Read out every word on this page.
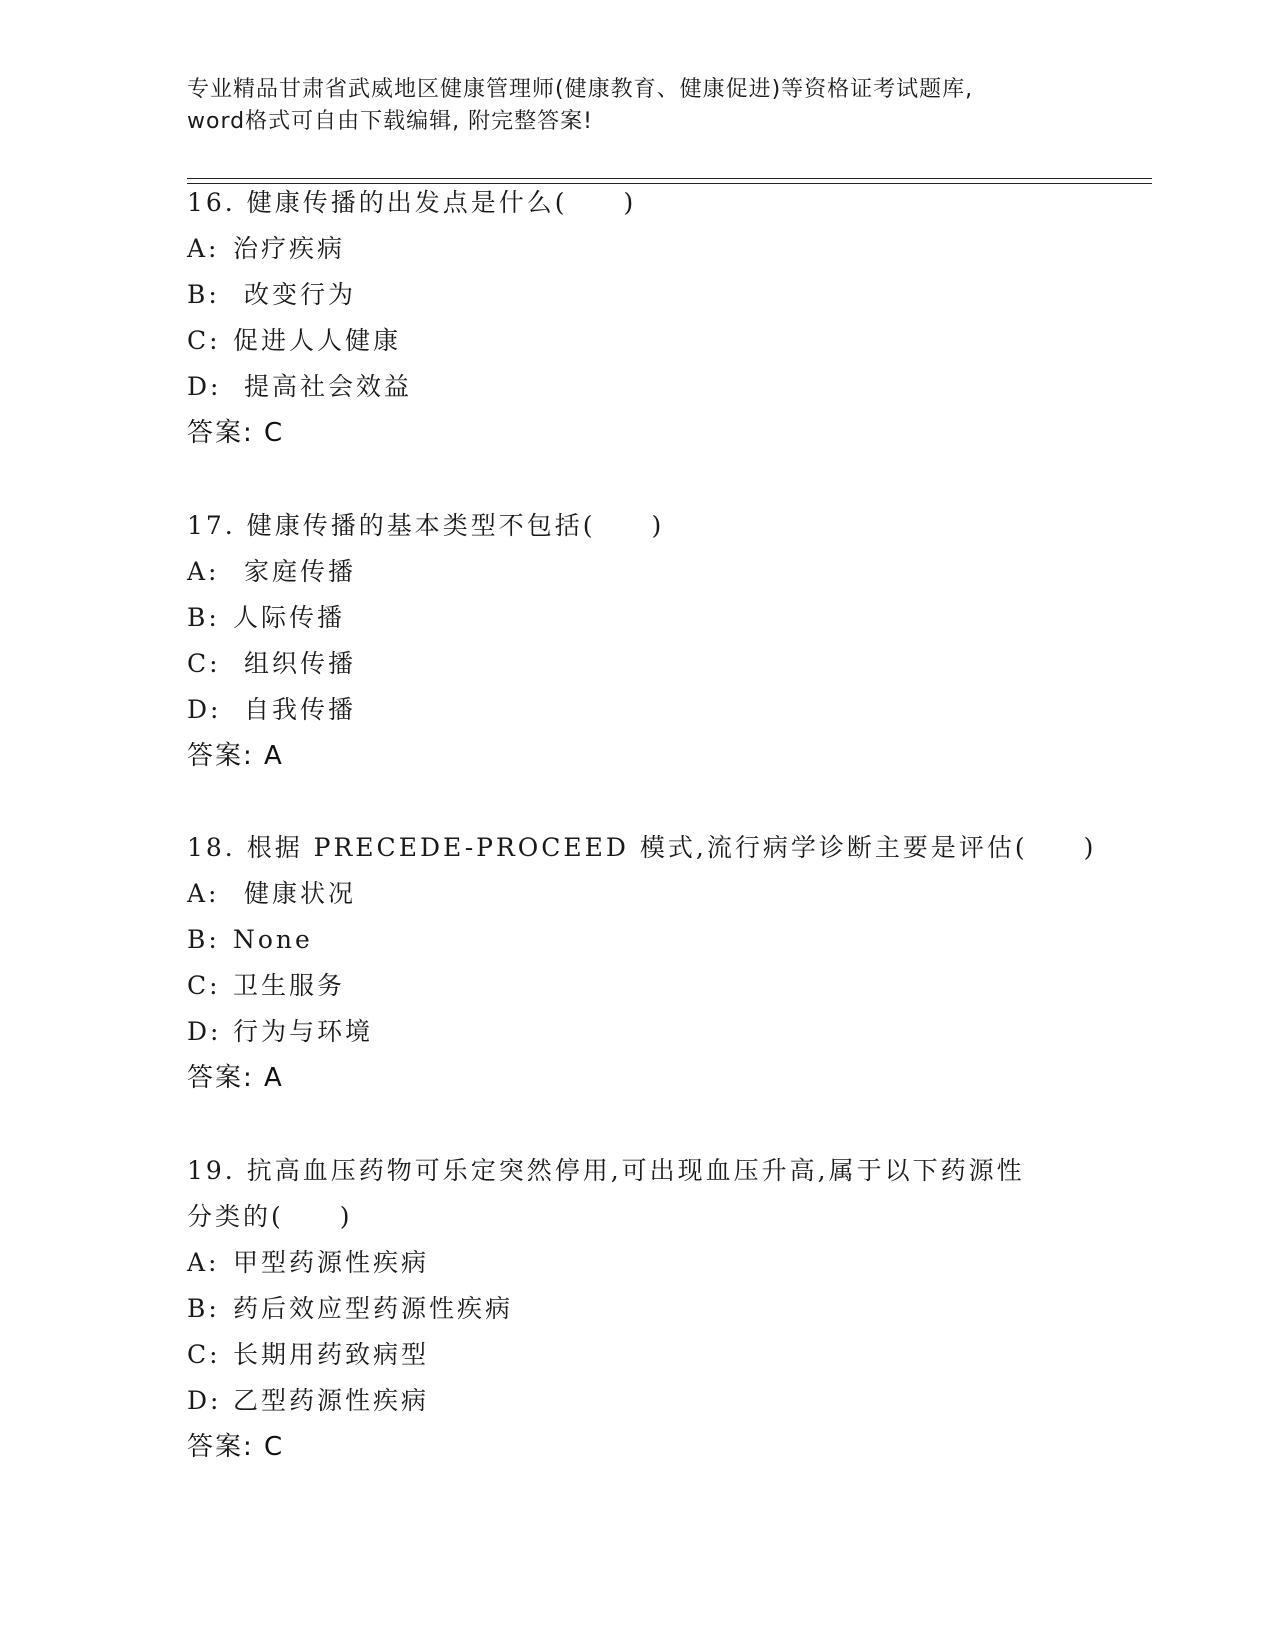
专业精品甘肃省武威地区健康管理师(健康教育、健康促进)等资格证考试题库,
word格式可自由下载编辑, 附完整答案!
16. 健康传播的出发点是什么(　　)
A: 治疗疾病
B: 改变行为
C: 促进人人健康
D: 提高社会效益
答案: C
17. 健康传播的基本类型不包括(　　)
A: 家庭传播
B: 人际传播
C: 组织传播
D: 自我传播
答案: A
18. 根据 PRECEDE-PROCEED 模式,流行病学诊断主要是评估(　　)
A: 健康状况
B: None
C: 卫生服务
D: 行为与环境
答案: A
19. 抗高血压药物可乐定突然停用,可出现血压升高,属于以下药源性
分类的(　　)
A: 甲型药源性疾病
B: 药后效应型药源性疾病
C: 长期用药致病型
D: 乙型药源性疾病
答案: C
